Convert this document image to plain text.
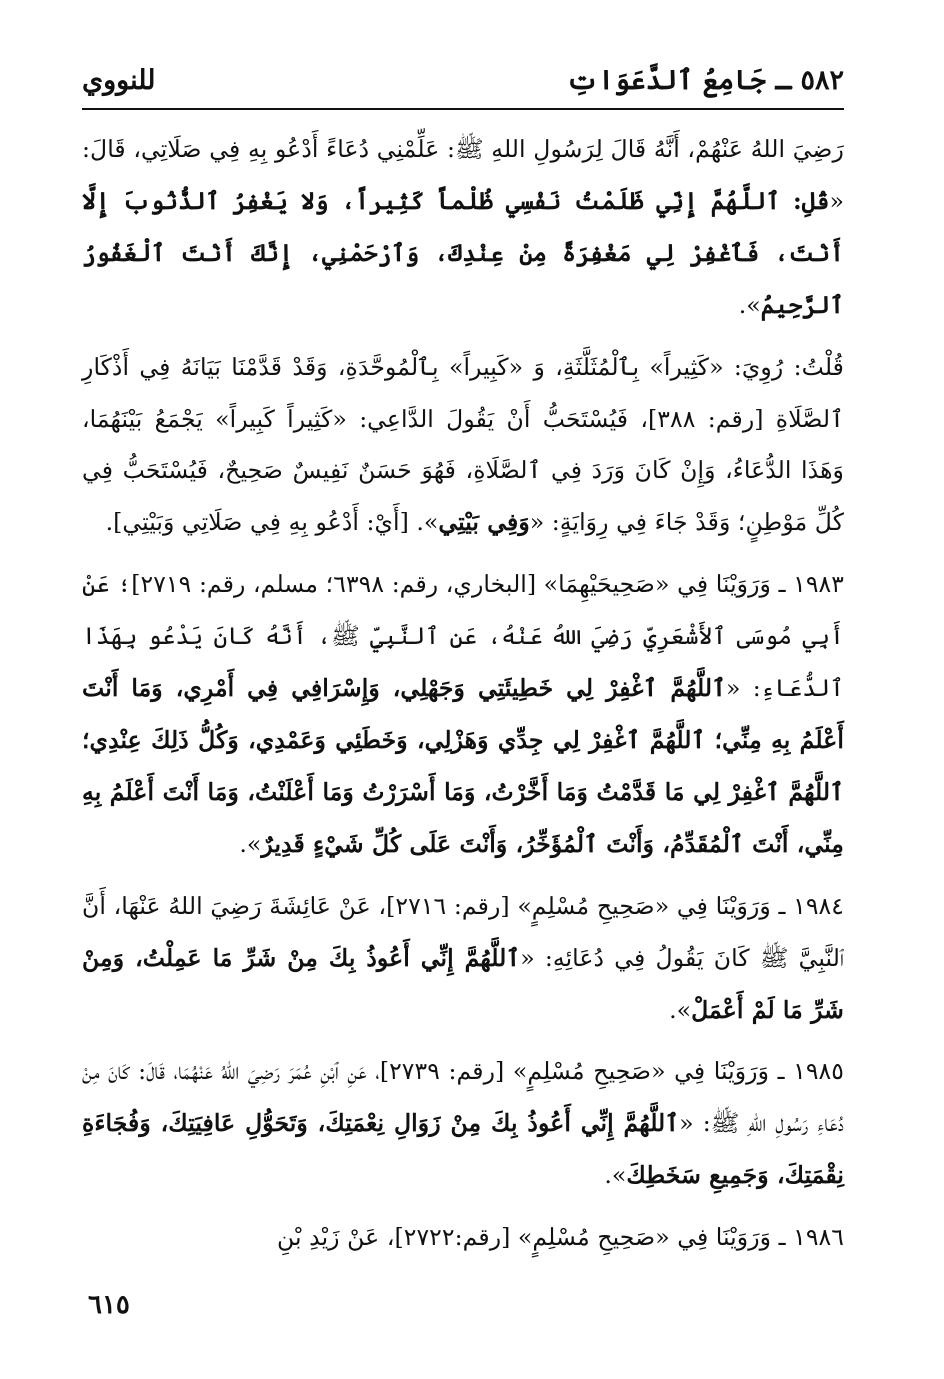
للنووي	٥٨٢ ـ جَامِعُ ٱلدَّعَوَاتِ

رَضِيَ اللهُ عَنْهُمْ، أَنَّهُ قَالَ لِرَسُولِ اللهِ ﷺ: عَلِّمْنِي دُعَاءً أَدْعُو بِهِ فِي صَلَاتِي، قَالَ: «قُلِ: ٱللَّهُمَّ إِنِّي ظَلَمْتُ نَفْسِي ظُلْماً كَثِيراً، وَلا يَغْفِرُ ٱلذُّنُوبَ إِلَّا أَنْتَ، فَٱغْفِرْ لِي مَغْفِرَةً مِنْ عِنْدِكَ، وَٱرْحَمْنِي، إِنَّكَ أَنْتَ ٱلْغَفُورُ ٱلرَّحِيمُ».

قُلْتُ: رُوِيَ: «كَثِيراً» بِٱلْمُثَلَّثَةِ، وَ «كَبِيراً» بِٱلْمُوحَّدَةِ، وَقَدْ قَدَّمْنَا بَيَانَهُ فِي أَذْكَارِ ٱلصَّلَاةِ [رقم: ٣٨٨]، فَيُسْتَحَبُّ أَنْ يَقُولَ الدَّاعِي: «كَثِيراً كَبِيراً» يَجْمَعُ بَيْنَهُمَا، وَهَذَا الدُّعَاءُ، وَإِنْ كَانَ وَرَدَ فِي ٱلصَّلَاةِ، فَهُوَ حَسَنٌ نَفِيسٌ صَحِيحٌ، فَيُسْتَحَبُّ فِي كُلِّ مَوْطِنٍ؛ وَقَدْ جَاءَ فِي رِوَايَةٍ: «وَفِي بَيْتِي». [أَيْ: أَدْعُو بِهِ فِي صَلَاتِي وَبَيْتِي].

١٩٨٣ ـ وَرَوَيْنَا فِي «صَحِيحَيْهِمَا» [البخاري، رقم: ٦٣٩٨؛ مسلم، رقم: ٢٧١٩]؛ عَنْ أَبِي مُوسَى ٱلأَشْعَرِيِّ رَضِيَ اللهُ عَنْهُ، عَنِ ٱلنَّبِيِّ ﷺ، أَنَّهُ كَانَ يَدْعُو بِهَذَا ٱلدُّعَاءِ: «ٱللَّهُمَّ ٱغْفِرْ لِي خَطِيئَتِي وَجَهْلِي، وَإِسْرَافِي فِي أَمْرِي، وَمَا أَنْتَ أَعْلَمُ بِهِ مِنِّي؛ ٱللَّهُمَّ ٱغْفِرْ لِي جِدِّي وَهَزْلِي، وَخَطَئِي وَعَمْدِي، وَكُلُّ ذَلِكَ عِنْدِي؛ ٱللَّهُمَّ ٱغْفِرْ لِي مَا قَدَّمْتُ وَمَا أَخَّرْتُ، وَمَا أَسْرَرْتُ وَمَا أَعْلَنْتُ، وَمَا أَنْتَ أَعْلَمُ بِهِ مِنِّي، أَنْتَ ٱلْمُقَدِّمُ، وَأَنْتَ ٱلْمُؤَخِّرُ، وَأَنْتَ عَلَى كُلِّ شَيْءٍ قَدِيرٌ».

١٩٨٤ ـ وَرَوَيْنَا فِي «صَحِيحِ مُسْلِمٍ» [رقم: ٢٧١٦]، عَنْ عَائِشَةَ رَضِيَ اللهُ عَنْهَا، أَنَّ ٱلنَّبِيَّ ﷺ كَانَ يَقُولُ فِي دُعَائِهِ: «ٱللَّهُمَّ إِنِّي أَعُوذُ بِكَ مِنْ شَرِّ مَا عَمِلْتُ، وَمِنْ شَرِّ مَا لَمْ أَعْمَلْ».

١٩٨٥ ـ وَرَوَيْنَا فِي «صَحِيحِ مُسْلِمٍ» [رقم: ٢٧٣٩]، عَنِ ٱبْنِ عُمَرَ رَضِيَ اللهُ عَنْهُمَا، قَالَ: كَانَ مِنْ دُعَاءِ رَسُولِ اللهِ ﷺ: «ٱللَّهُمَّ إِنِّي أَعُوذُ بِكَ مِنْ زَوَالِ نِعْمَتِكَ، وَتَحَوُّلِ عَافِيَتِكَ، وَفُجَاءَةِ نِقْمَتِكَ، وَجَمِيعِ سَخَطِكَ».

١٩٨٦ ـ وَرَوَيْنَا فِي «صَحِيحِ مُسْلِمٍ» [رقم:٢٧٢٢]، عَنْ زَيْدِ بْنِ

٦١٥
